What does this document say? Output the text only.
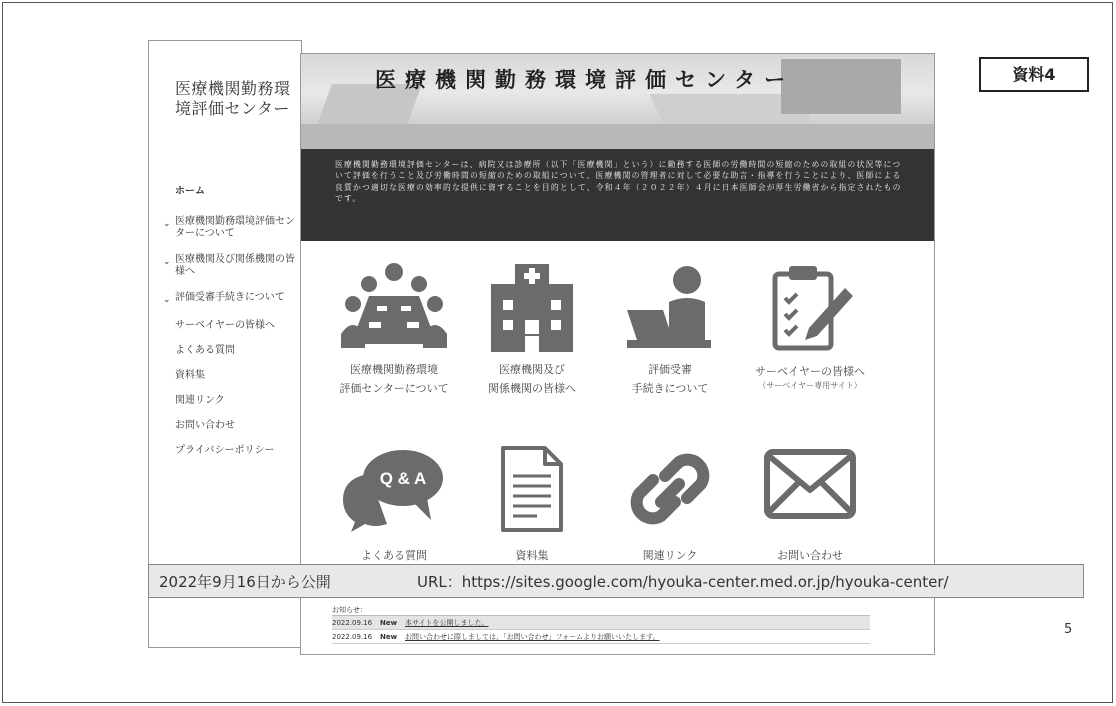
資料4
医療機関勤務環境評価センター
ホーム
⌄ 医療機関勤務環境評価センターについて
⌄ 医療機関及び関係機関の皆様へ
⌄ 評価受審手続きについて
サーベイヤーの皆様へ
よくある質問
資料集
関連リンク
お問い合わせ
プライバシーポリシー
医療機関勤務環境評価センター
医療機関勤務環境評価センターは、病院又は診療所（以下「医療機関」という）に勤務する医師の労働時間の短縮のための取組の状況等について評価を行うこと及び労働時間の短縮のための取組について、医療機関の管理者に対して必要な助言・指導を行うことにより、医師による良質かつ適切な医療の効率的な提供に資することを目的として、令和４年（２０２２年）４月に日本医師会が厚生労働省から指定されたものです。
医療機関勤務環境
評価センターについて
医療機関及び
関係機関の皆様へ
評価受審
手続きについて
サーベイヤーの皆様へ
（サーベイヤー専用サイト）
Q & A
よくある質問	資料集	関連リンク	お問い合わせ
2022年9月16日から公開	URL：https://sites.google.com/hyouka-center.med.or.jp/hyouka-center/
お知らせ：
2022.09.16	New	本サイトを公開しました。
2022.09.16	New	お問い合わせに際しましては、「お問い合わせ」フォームよりお願いいたします。	5
